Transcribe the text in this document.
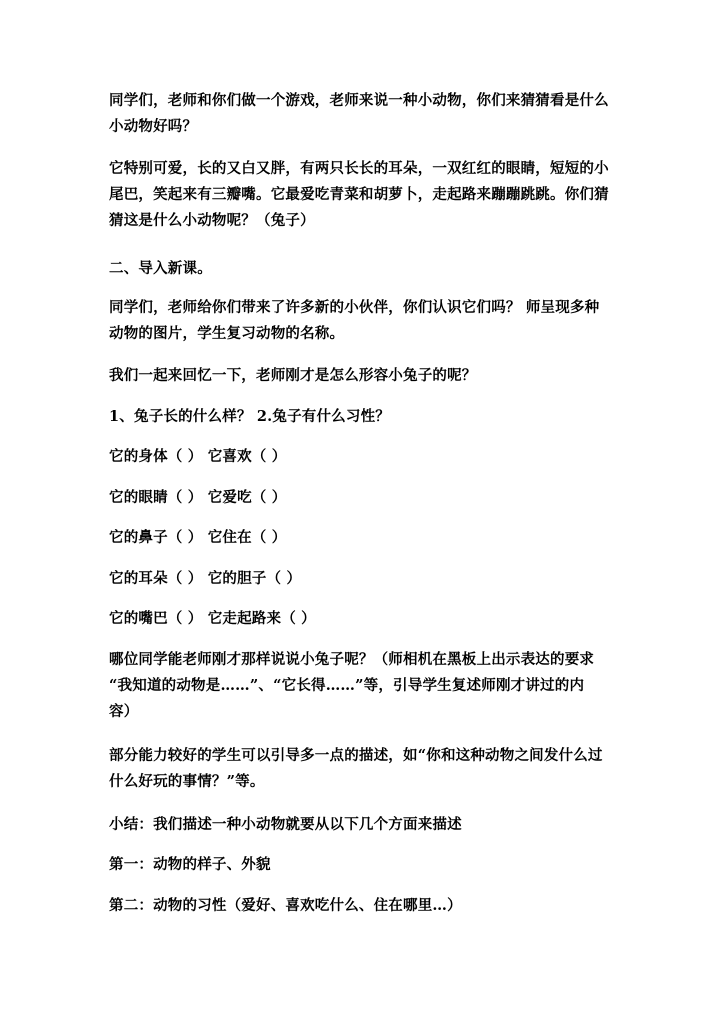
同学们，老师和你们做一个游戏，老师来说一种小动物，你们来猜猜看是什么
小动物好吗？

它特别可爱，长的又白又胖，有两只长长的耳朵，一双红红的眼睛，短短的小
尾巴，笑起来有三瓣嘴。它最爱吃青菜和胡萝卜，走起路来蹦蹦跳跳。你们猜
猜这是什么小动物呢？（兔子）

二、导入新课。

同学们，老师给你们带来了许多新的小伙伴，你们认识它们吗？ 师呈现多种
动物的图片，学生复习动物的名称。

我们一起来回忆一下，老师刚才是怎么形容小兔子的呢？

1、兔子长的什么样？ 2.兔子有什么习性？

它的身体（ ） 它喜欢（ ）

它的眼睛（ ） 它爱吃（ ）

它的鼻子（ ） 它住在（ ）

它的耳朵（ ） 它的胆子（ ）

它的嘴巴（ ） 它走起路来（ ）

哪位同学能老师刚才那样说说小兔子呢？（师相机在黑板上出示表达的要求
“我知道的动物是……”、“它长得……”等，引导学生复述师刚才讲过的内
容）

部分能力较好的学生可以引导多一点的描述，如“你和这种动物之间发什么过
什么好玩的事情？”等。

小结：我们描述一种小动物就要从以下几个方面来描述

第一：动物的样子、外貌

第二：动物的习性（爱好、喜欢吃什么、住在哪里…）
